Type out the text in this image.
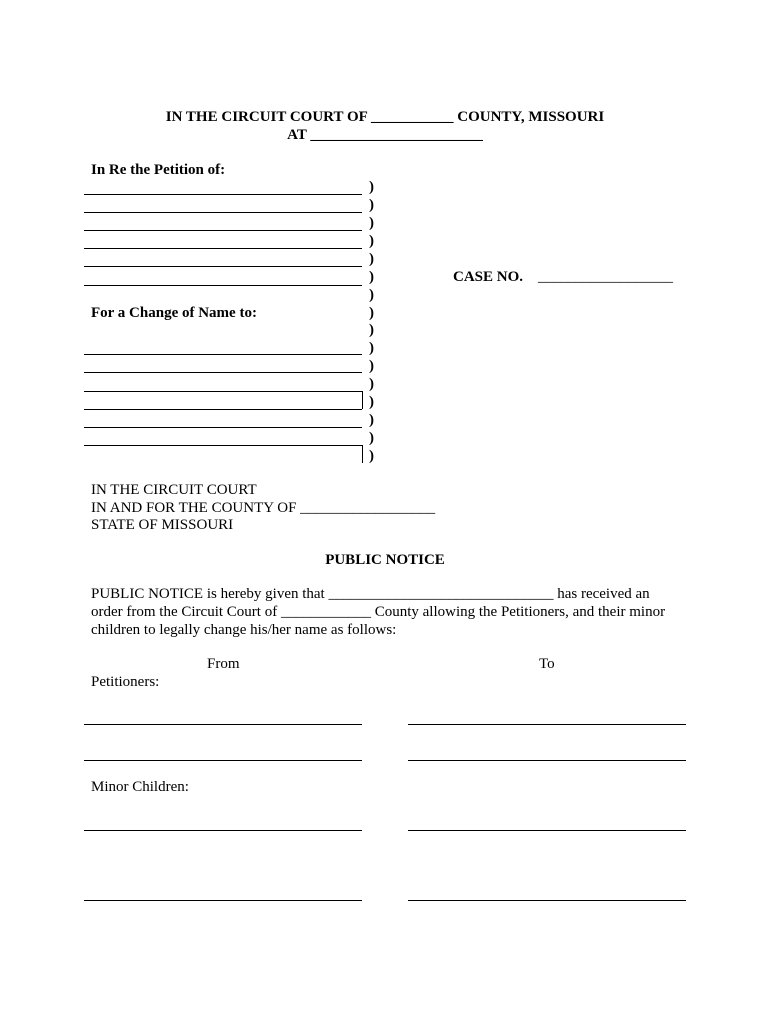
IN THE CIRCUIT COURT OF ___________ COUNTY, MISSOURI
AT _______________________
In Re the Petition of:
For a Change of Name to:
)
)
)
)
)
)
)
)
)
)
)
)
)
)
)
)
CASE NO. __________________
IN THE CIRCUIT COURT
IN AND FOR THE COUNTY OF __________________
STATE OF MISSOURI
PUBLIC NOTICE
PUBLIC NOTICE is hereby given that ______________________________ has received an
order from the Circuit Court of ____________ County allowing the Petitioners, and their minor
children to legally change his/her name as follows:
From	To
Petitioners:
Minor Children:
